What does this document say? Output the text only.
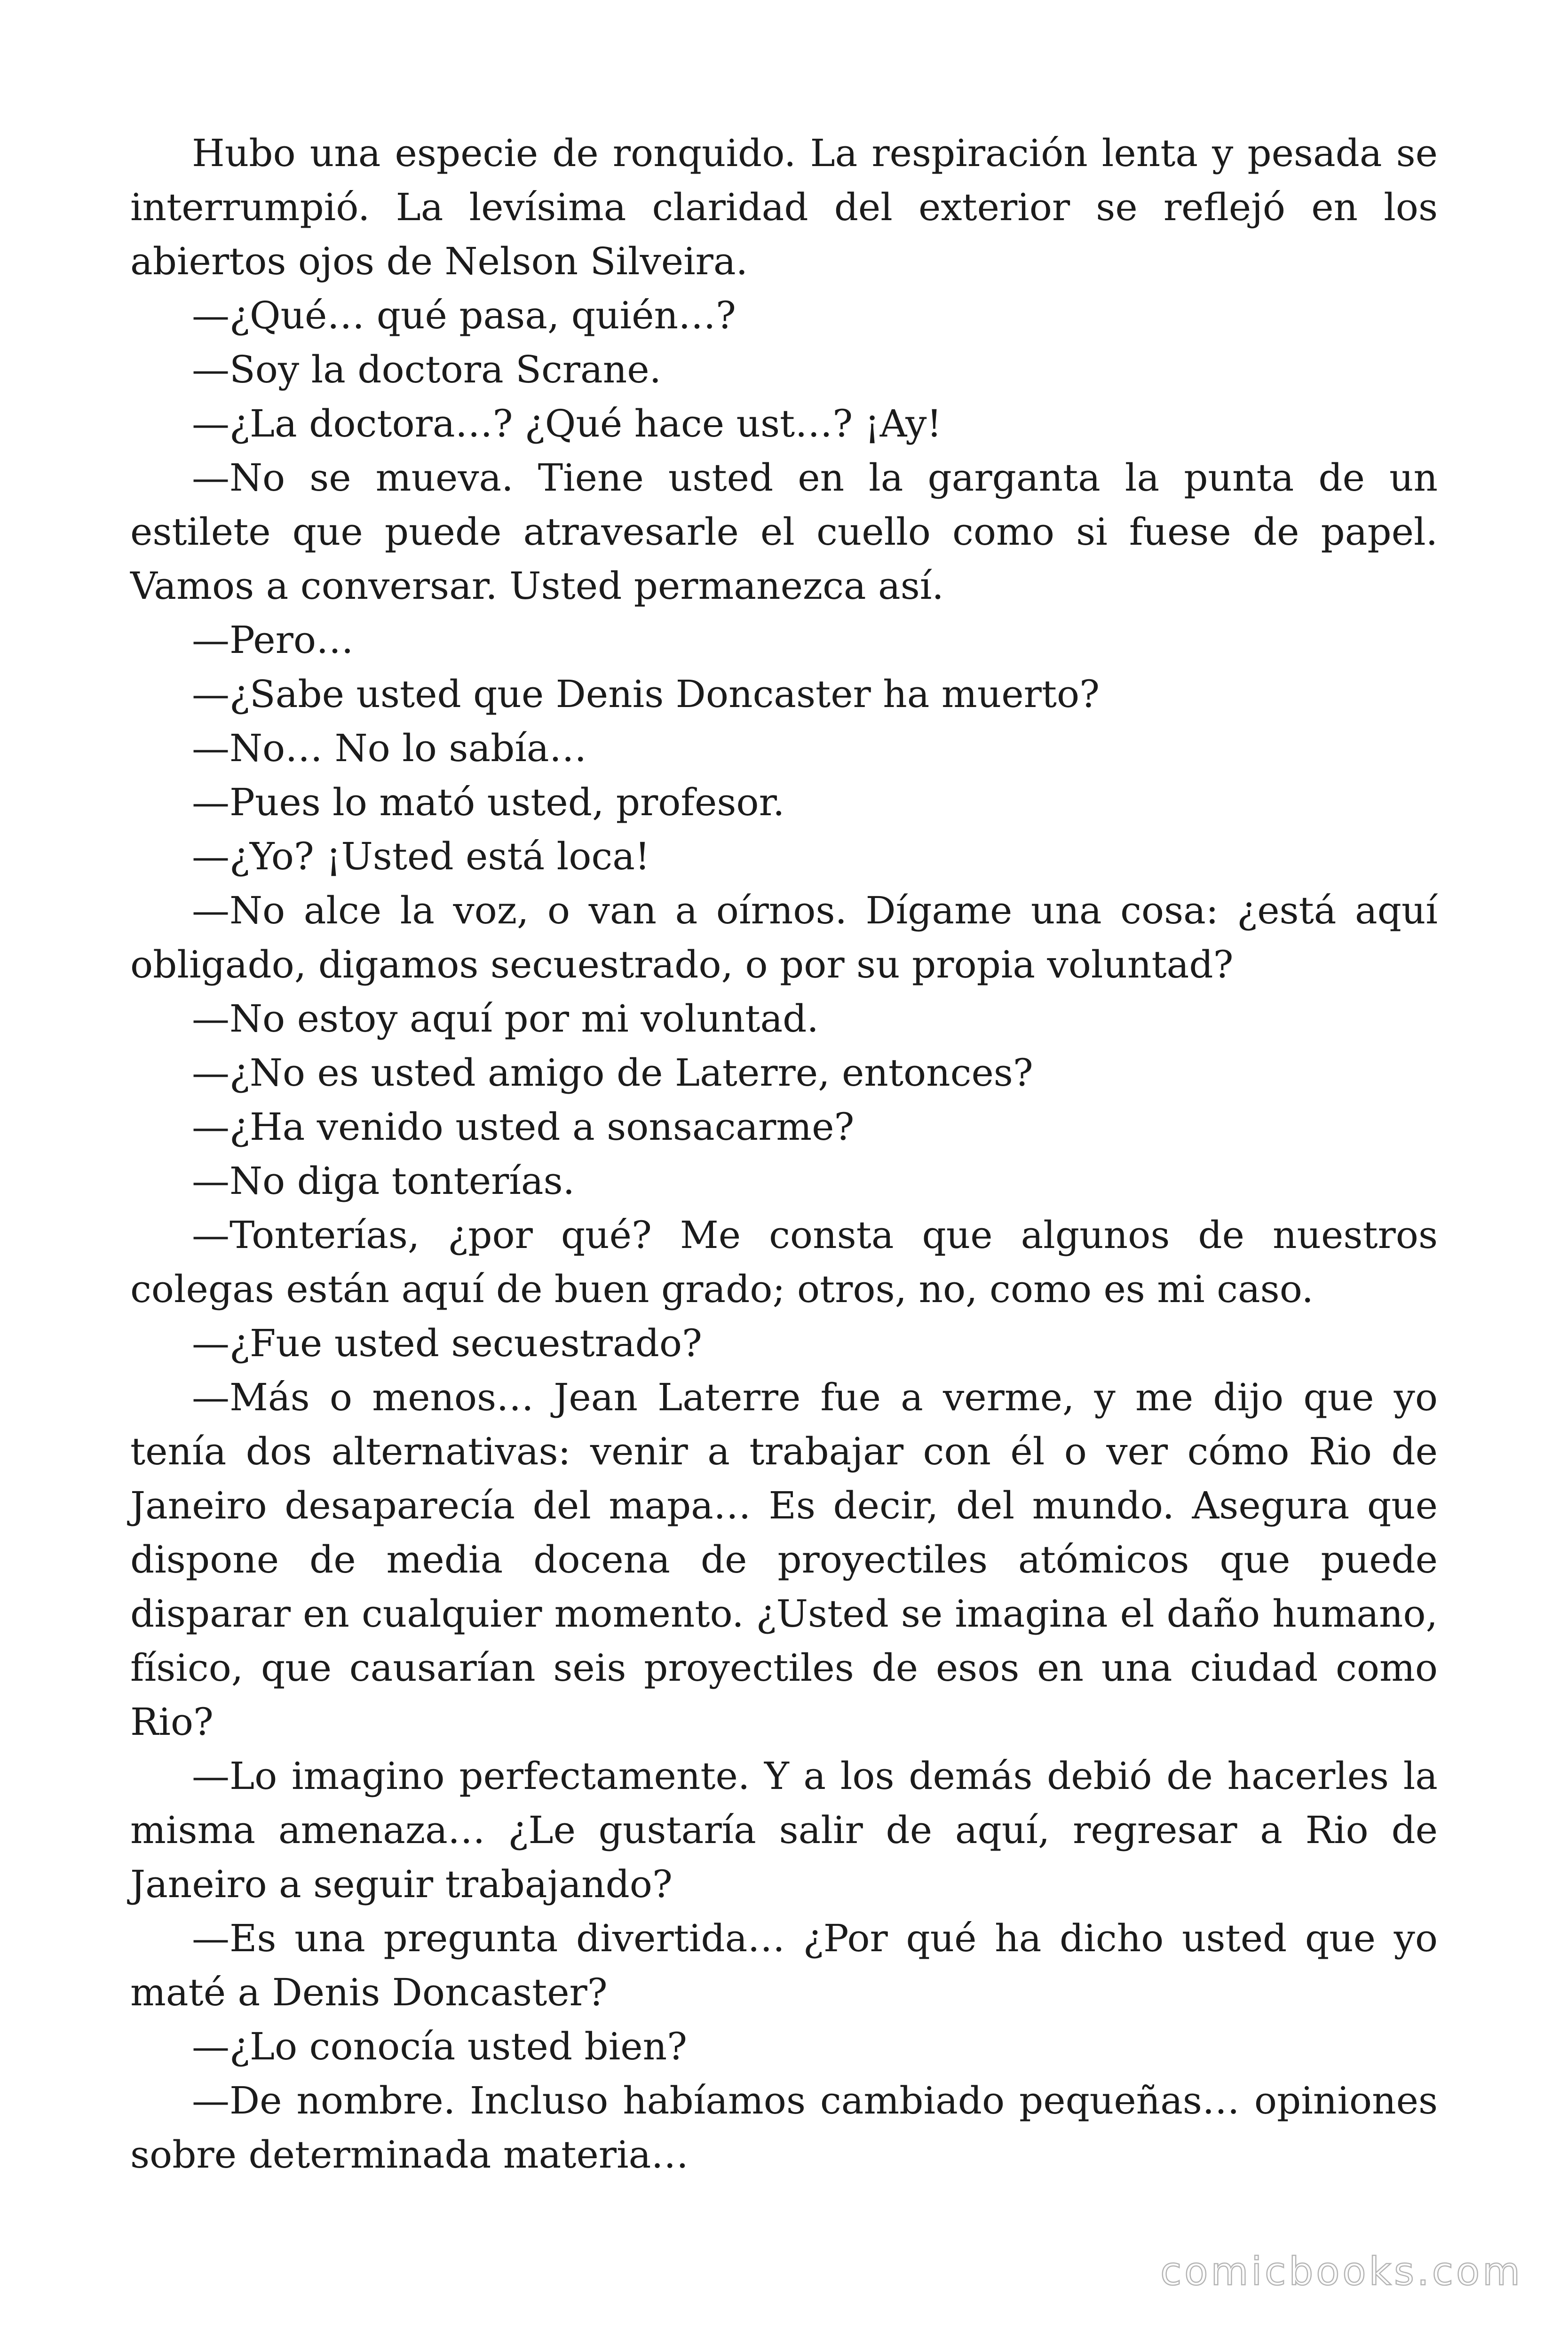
Hubo una especie de ronquido. La respiración lenta y pesada se interrumpió. La levísima claridad del exterior se reflejó en los abiertos ojos de Nelson Silveira.

—¿Qué… qué pasa, quién…?

—Soy la doctora Scrane.

—¿La doctora…? ¿Qué hace ust…? ¡Ay!

—No se mueva. Tiene usted en la garganta la punta de un estilete que puede atravesarle el cuello como si fuese de papel. Vamos a conversar. Usted permanezca así.

—Pero…

—¿Sabe usted que Denis Doncaster ha muerto?

—No… No lo sabía…

—Pues lo mató usted, profesor.

—¿Yo? ¡Usted está loca!

—No alce la voz, o van a oírnos. Dígame una cosa: ¿está aquí obligado, digamos secuestrado, o por su propia voluntad?

—No estoy aquí por mi voluntad.

—¿No es usted amigo de Laterre, entonces?

—¿Ha venido usted a sonsacarme?

—No diga tonterías.

—Tonterías, ¿por qué? Me consta que algunos de nuestros colegas están aquí de buen grado; otros, no, como es mi caso.

—¿Fue usted secuestrado?

—Más o menos… Jean Laterre fue a verme, y me dijo que yo tenía dos alternativas: venir a trabajar con él o ver cómo Rio de Janeiro desaparecía del mapa… Es decir, del mundo. Asegura que dispone de media docena de proyectiles atómicos que puede disparar en cualquier momento. ¿Usted se imagina el daño humano, físico, que causarían seis proyectiles de esos en una ciudad como Rio?

—Lo imagino perfectamente. Y a los demás debió de hacerles la misma amenaza… ¿Le gustaría salir de aquí, regresar a Rio de Janeiro a seguir trabajando?

—Es una pregunta divertida… ¿Por qué ha dicho usted que yo maté a Denis Doncaster?

—¿Lo conocía usted bien?

—De nombre. Incluso habíamos cambiado pequeñas… opiniones sobre determinada materia…

comicbooks.com
